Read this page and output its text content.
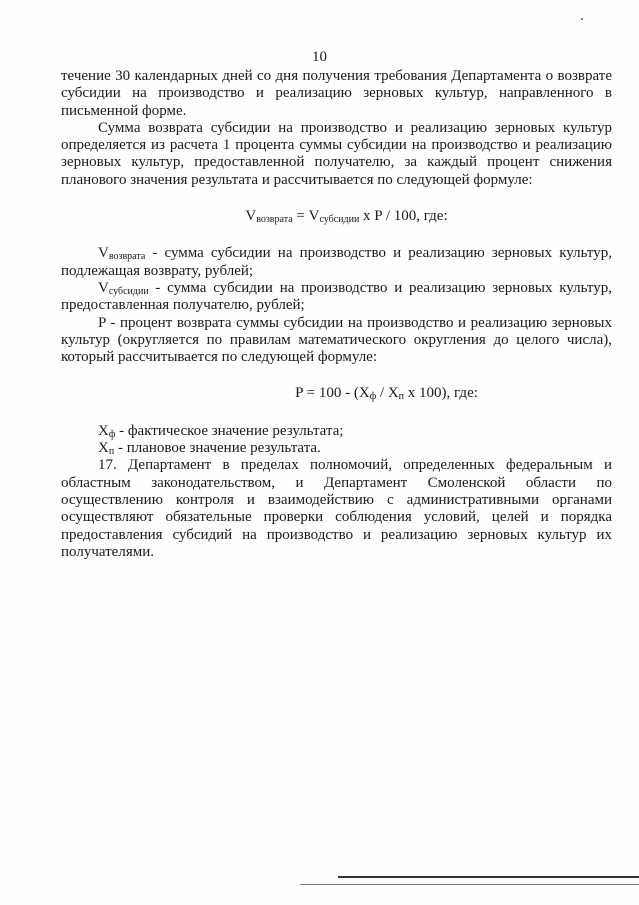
10

течение 30 календарных дней со дня получения требования Департамента о возврате субсидии на производство и реализацию зерновых культур, направленного в письменной форме.

Сумма возврата субсидии на производство и реализацию зерновых культур определяется из расчета 1 процента суммы субсидии на производство и реализацию зерновых культур, предоставленной получателю, за каждый процент снижения планового значения результата и рассчитывается по следующей формуле:

$V_{возврата} = V_{субсидии}$ x P / 100, где:

$V_{возврата}$ - сумма субсидии на производство и реализацию зерновых культур, подлежащая возврату, рублей;

$V_{субсидии}$ - сумма субсидии на производство и реализацию зерновых культур, предоставленная получателю, рублей;

P - процент возврата суммы субсидии на производство и реализацию зерновых культур (округляется по правилам математического округления до целого числа), который рассчитывается по следующей формуле:

$P = 100 - (X_ф / X_п$ x 100), где:

$X_ф$ - фактическое значение результата;

$X_п$ - плановое значение результата.

17. Департамент в пределах полномочий, определенных федеральным и областным законодательством, и Департамент Смоленской области по осуществлению контроля и взаимодействию с административными органами осуществляют обязательные проверки соблюдения условий, целей и порядка предоставления субсидий на производство и реализацию зерновых культур их получателями.
